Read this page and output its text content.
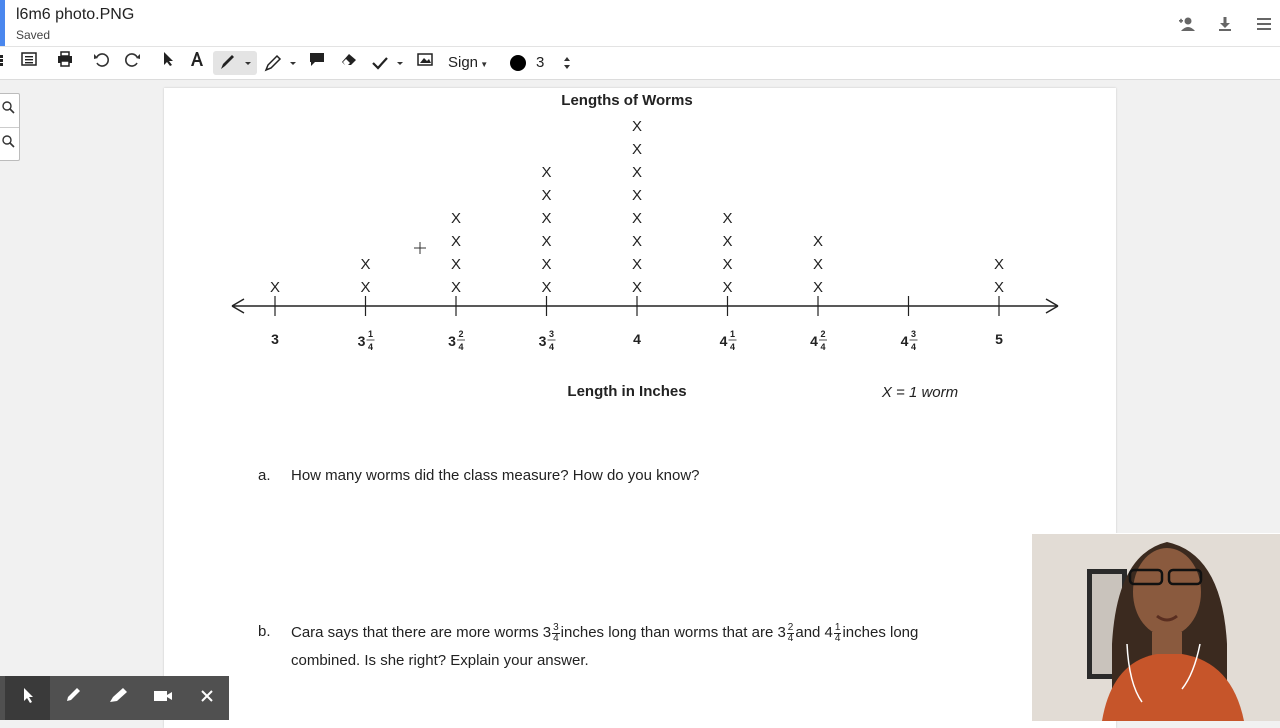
l6m6 photo.PNG
Saved
Sign ▼	3
Lengths of Worms
X	X
X
X
X
X
X
X
X
X
X
X
X
X
X
X
X
X
X
X
X
X
X
X
X
X
X
X
X
X
3	3 1
4	3 2
4	3 3
4	4	4 1
4	4 2
4	4 3
4	5
Length in Inches	X = 1 worm
a. How many worms did the class measure? How do you know?
b. Cara says that there are more worms $3 \frac{3}{4}$ inches long than worms that are $3 \frac{2}{4}$ and $4 \frac{1}{4}$ inches long
combined. Is she right? Explain your answer.
